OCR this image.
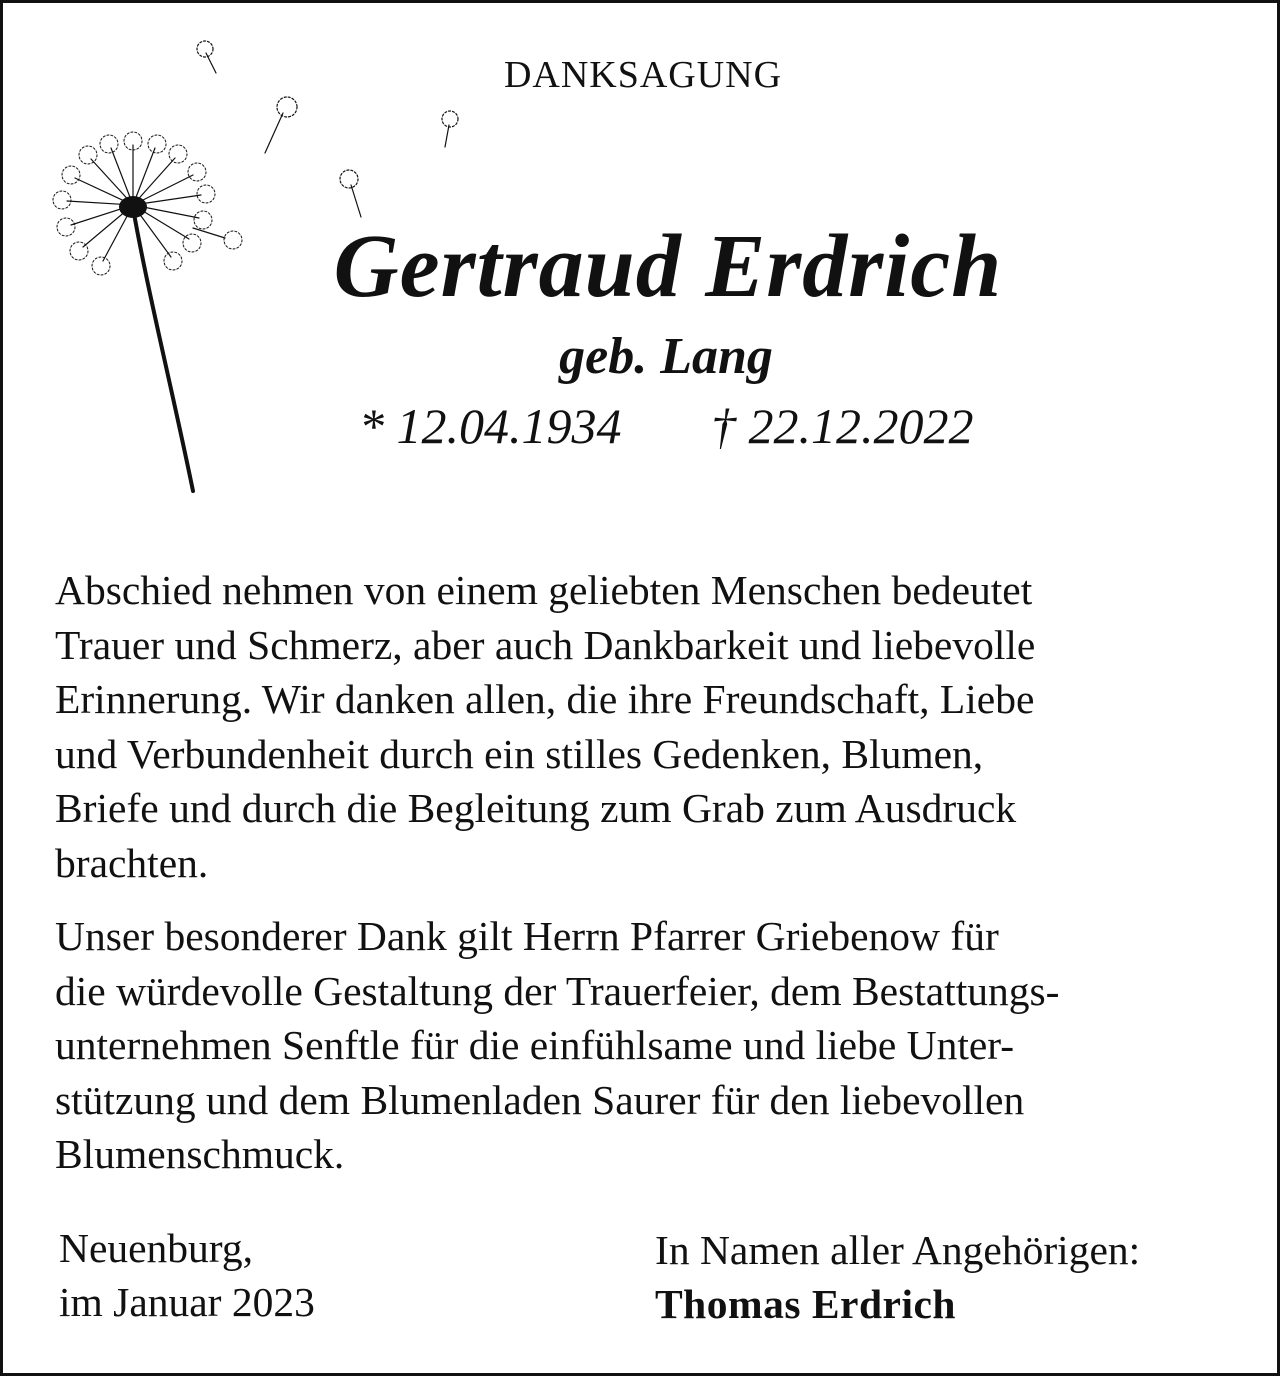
DANKSAGUNG
Gertraud Erdrich
geb. Lang
* 12.04.1934 † 22.12.2022

Abschied nehmen von einem geliebten Menschen bedeutet
Trauer und Schmerz, aber auch Dankbarkeit und liebevolle
Erinnerung. Wir danken allen, die ihre Freundschaft, Liebe
und Verbundenheit durch ein stilles Gedenken, Blumen,
Briefe und durch die Begleitung zum Grab zum Ausdruck
brachten.

Unser besonderer Dank gilt Herrn Pfarrer Griebenow für
die würdevolle Gestaltung der Trauerfeier, dem Bestattungs-
unternehmen Senftle für die einfühlsame und liebe Unter-
stützung und dem Blumenladen Saurer für den liebevollen
Blumenschmuck.

Neuenburg,
im Januar 2023
In Namen aller Angehörigen:
Thomas Erdrich
